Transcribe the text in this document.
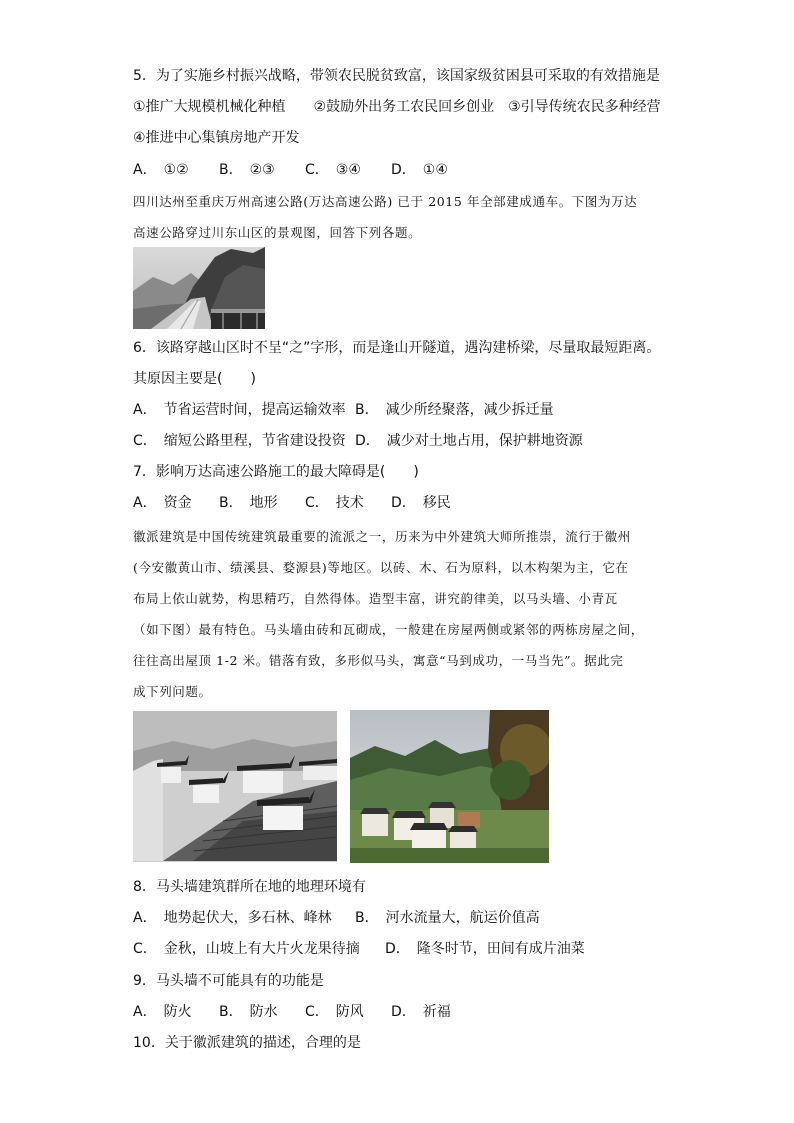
5．为了实施乡村振兴战略，带领农民脱贫致富，该国家级贫困县可采取的有效措施是
①推广大规模机械化种植　　②鼓励外出务工农民回乡创业　③引导传统农民多种经营
④推进中心集镇房地产开发
A．　①② B．　②③ C．　③④ D．　①④
四川达州至重庆万州高速公路(万达高速公路) 已于 2015 年全部建成通车。下图为万达
高速公路穿过川东山区的景观图，回答下列各题。
6．该路穿越山区时不呈“之”字形，而是逢山开隧道，遇沟建桥梁，尽量取最短距离。
其原因主要是(　　)
A．　节省运营时间，提高运输效率 B．　减少所经聚落，减少拆迁量
C．　缩短公路里程，节省建设投资 D．　减少对土地占用，保护耕地资源
7．影响万达高速公路施工的最大障碍是(　　)
A．　资金 B．　地形 C．　技术 D．　移民
徽派建筑是中国传统建筑最重要的流派之一，历来为中外建筑大师所推崇，流行于徽州
(今安徽黄山市、绩溪县、婺源县)等地区。以砖、木、石为原料，以木构架为主，它在
布局上依山就势，构思精巧，自然得体。造型丰富，讲究韵律美，以马头墙、小青瓦
（如下图）最有特色。马头墙由砖和瓦砌成，一般建在房屋两侧或紧邻的两栋房屋之间，
往往高出屋顶 1-2 米。错落有致，多形似马头，寓意“马到成功，一马当先”。据此完
成下列问题。
8．马头墙建筑群所在地的地理环境有
A．　地势起伏大，多石林、峰林 B．　河水流量大，航运价值高
C．　金秋，山坡上有大片火龙果待摘 D．　隆冬时节，田间有成片油菜
9．马头墙不可能具有的功能是
A．　防火 B．　防水 C．　防风 D．　祈福
10．关于徽派建筑的描述，合理的是
